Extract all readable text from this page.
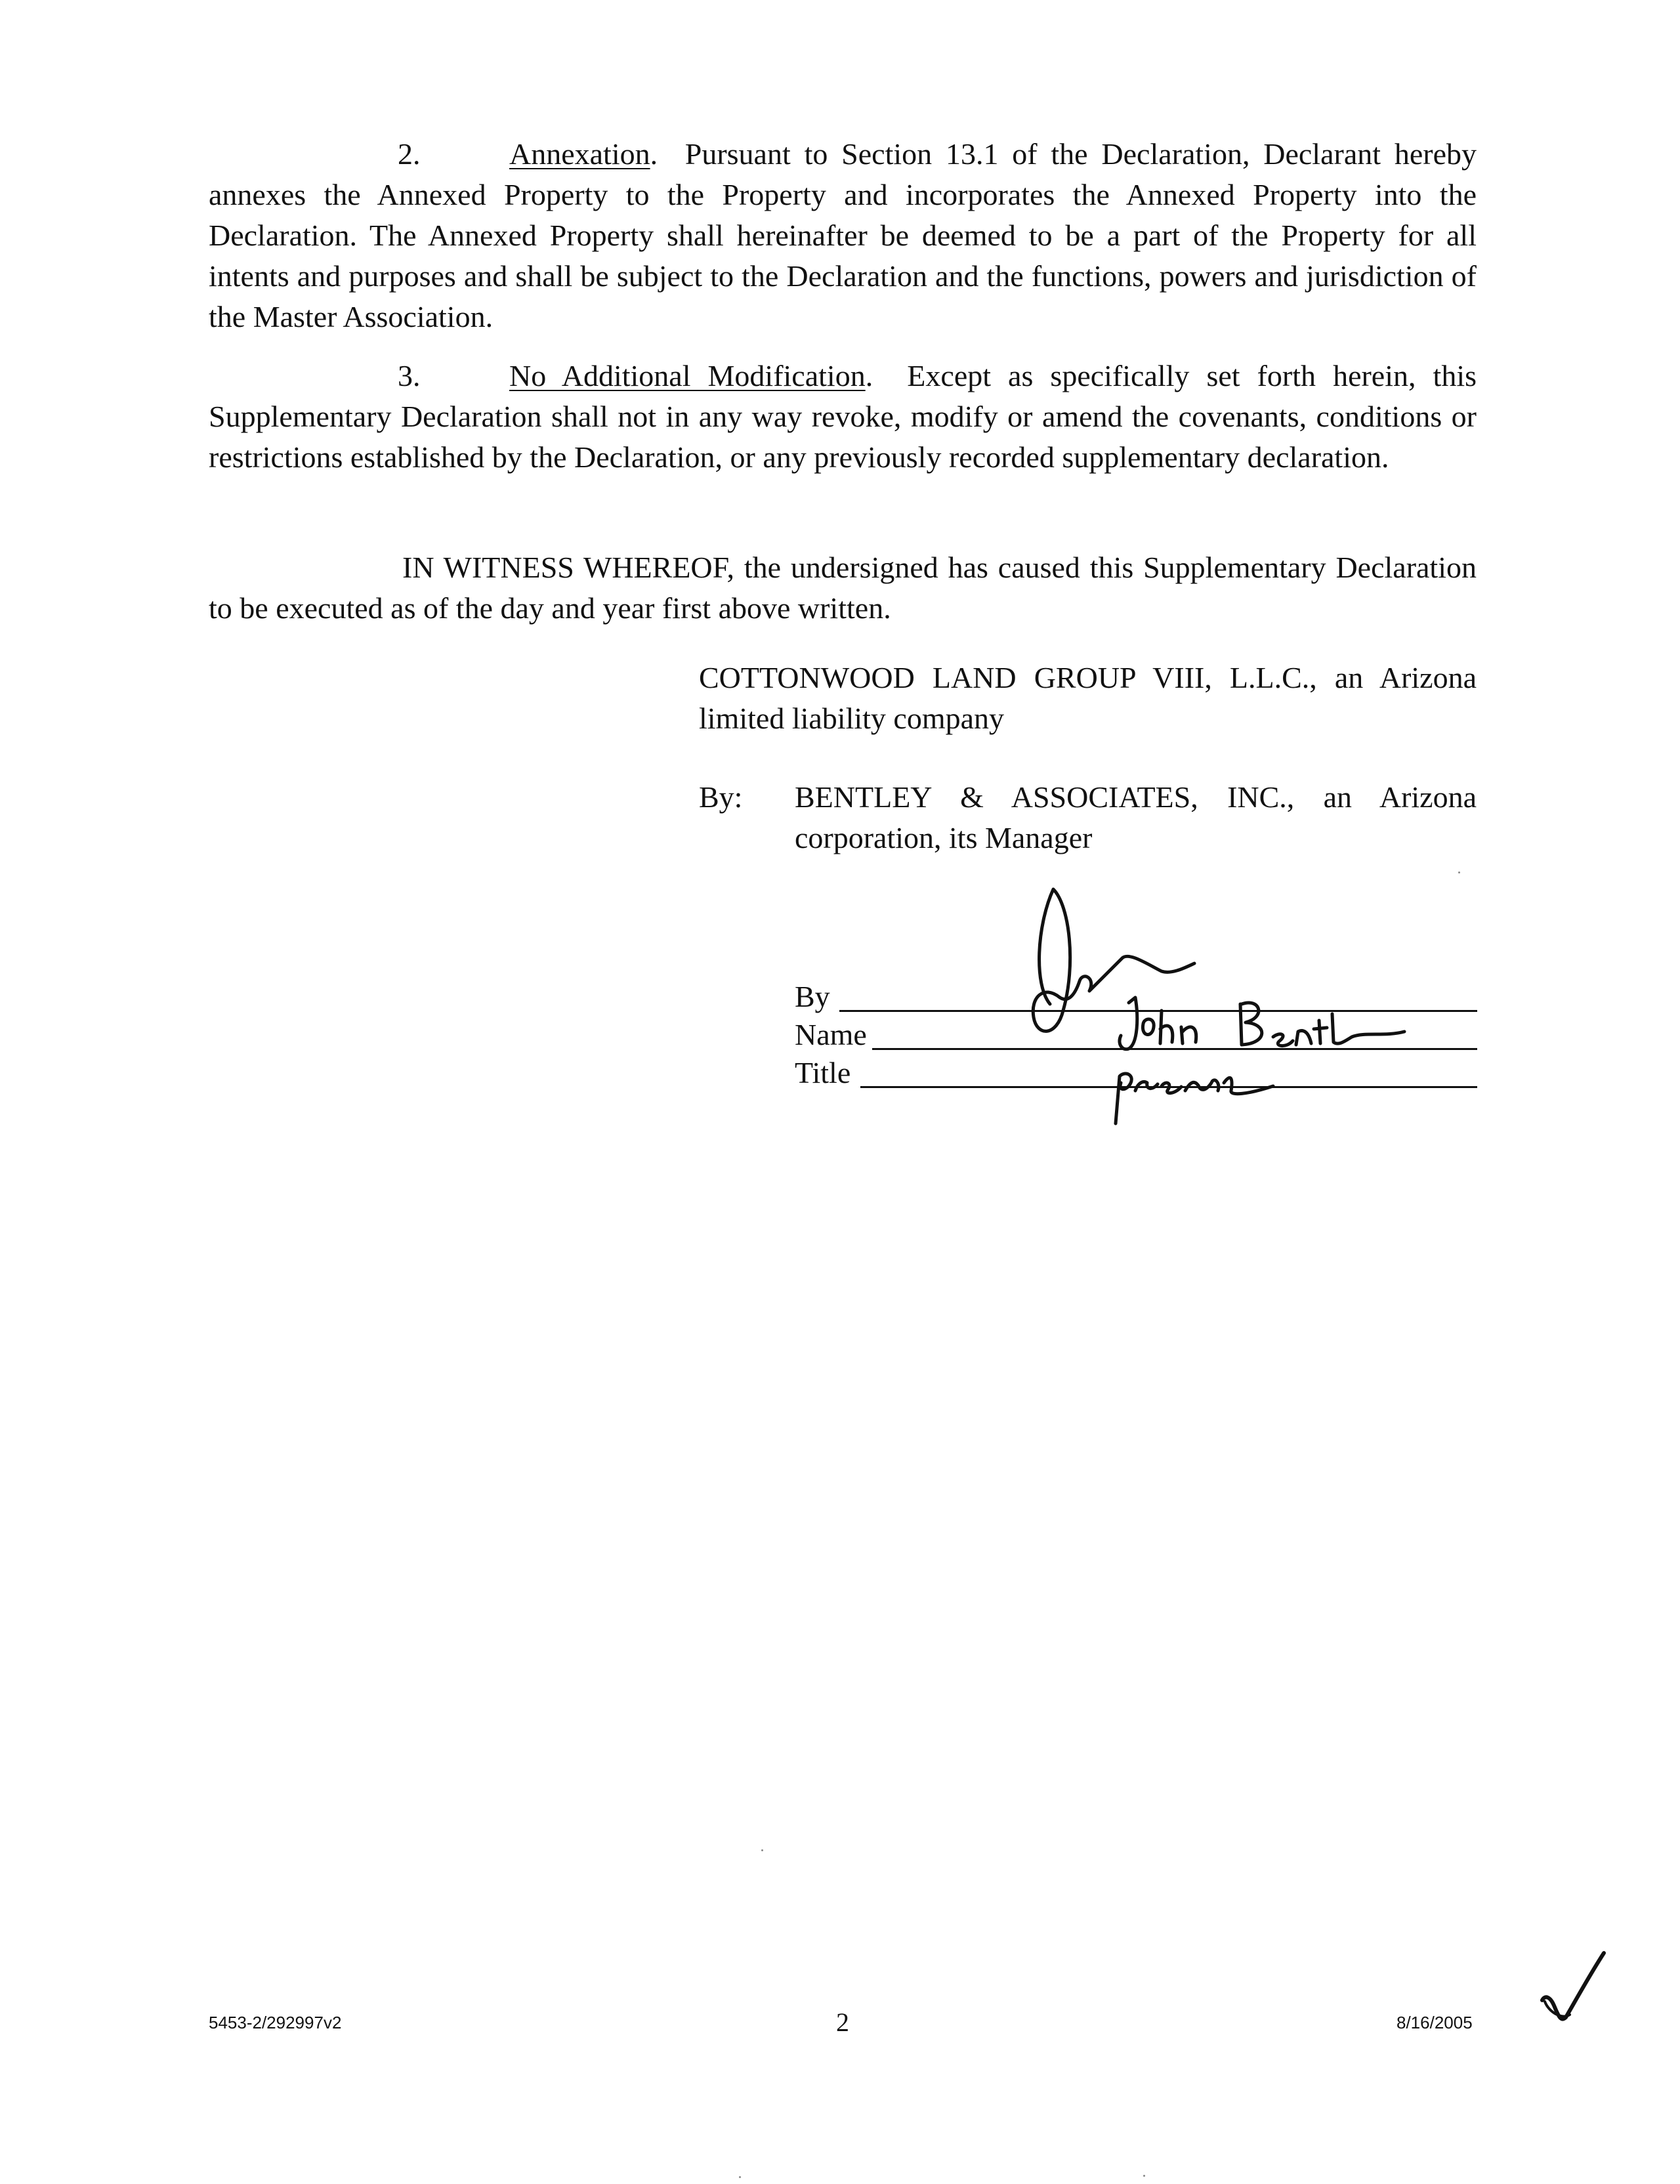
2.	Annexation. Pursuant to Section 13.1 of the Declaration, Declarant hereby annexes the Annexed Property to the Property and incorporates the Annexed Property into the Declaration. The Annexed Property shall hereinafter be deemed to be a part of the Property for all intents and purposes and shall be subject to the Declaration and the functions, powers and jurisdiction of the Master Association.

3.	No Additional Modification. Except as specifically set forth herein, this Supplementary Declaration shall not in any way revoke, modify or amend the covenants, conditions or restrictions established by the Declaration, or any previously recorded supplementary declaration.

IN WITNESS WHEREOF, the undersigned has caused this Supplementary Declaration to be executed as of the day and year first above written.

COTTONWOOD LAND GROUP VIII, L.L.C., an Arizona limited liability company

By: BENTLEY & ASSOCIATES, INC., an Arizona corporation, its Manager

By
Name
Title
5453-2/292997v2	2	8/16/2005
